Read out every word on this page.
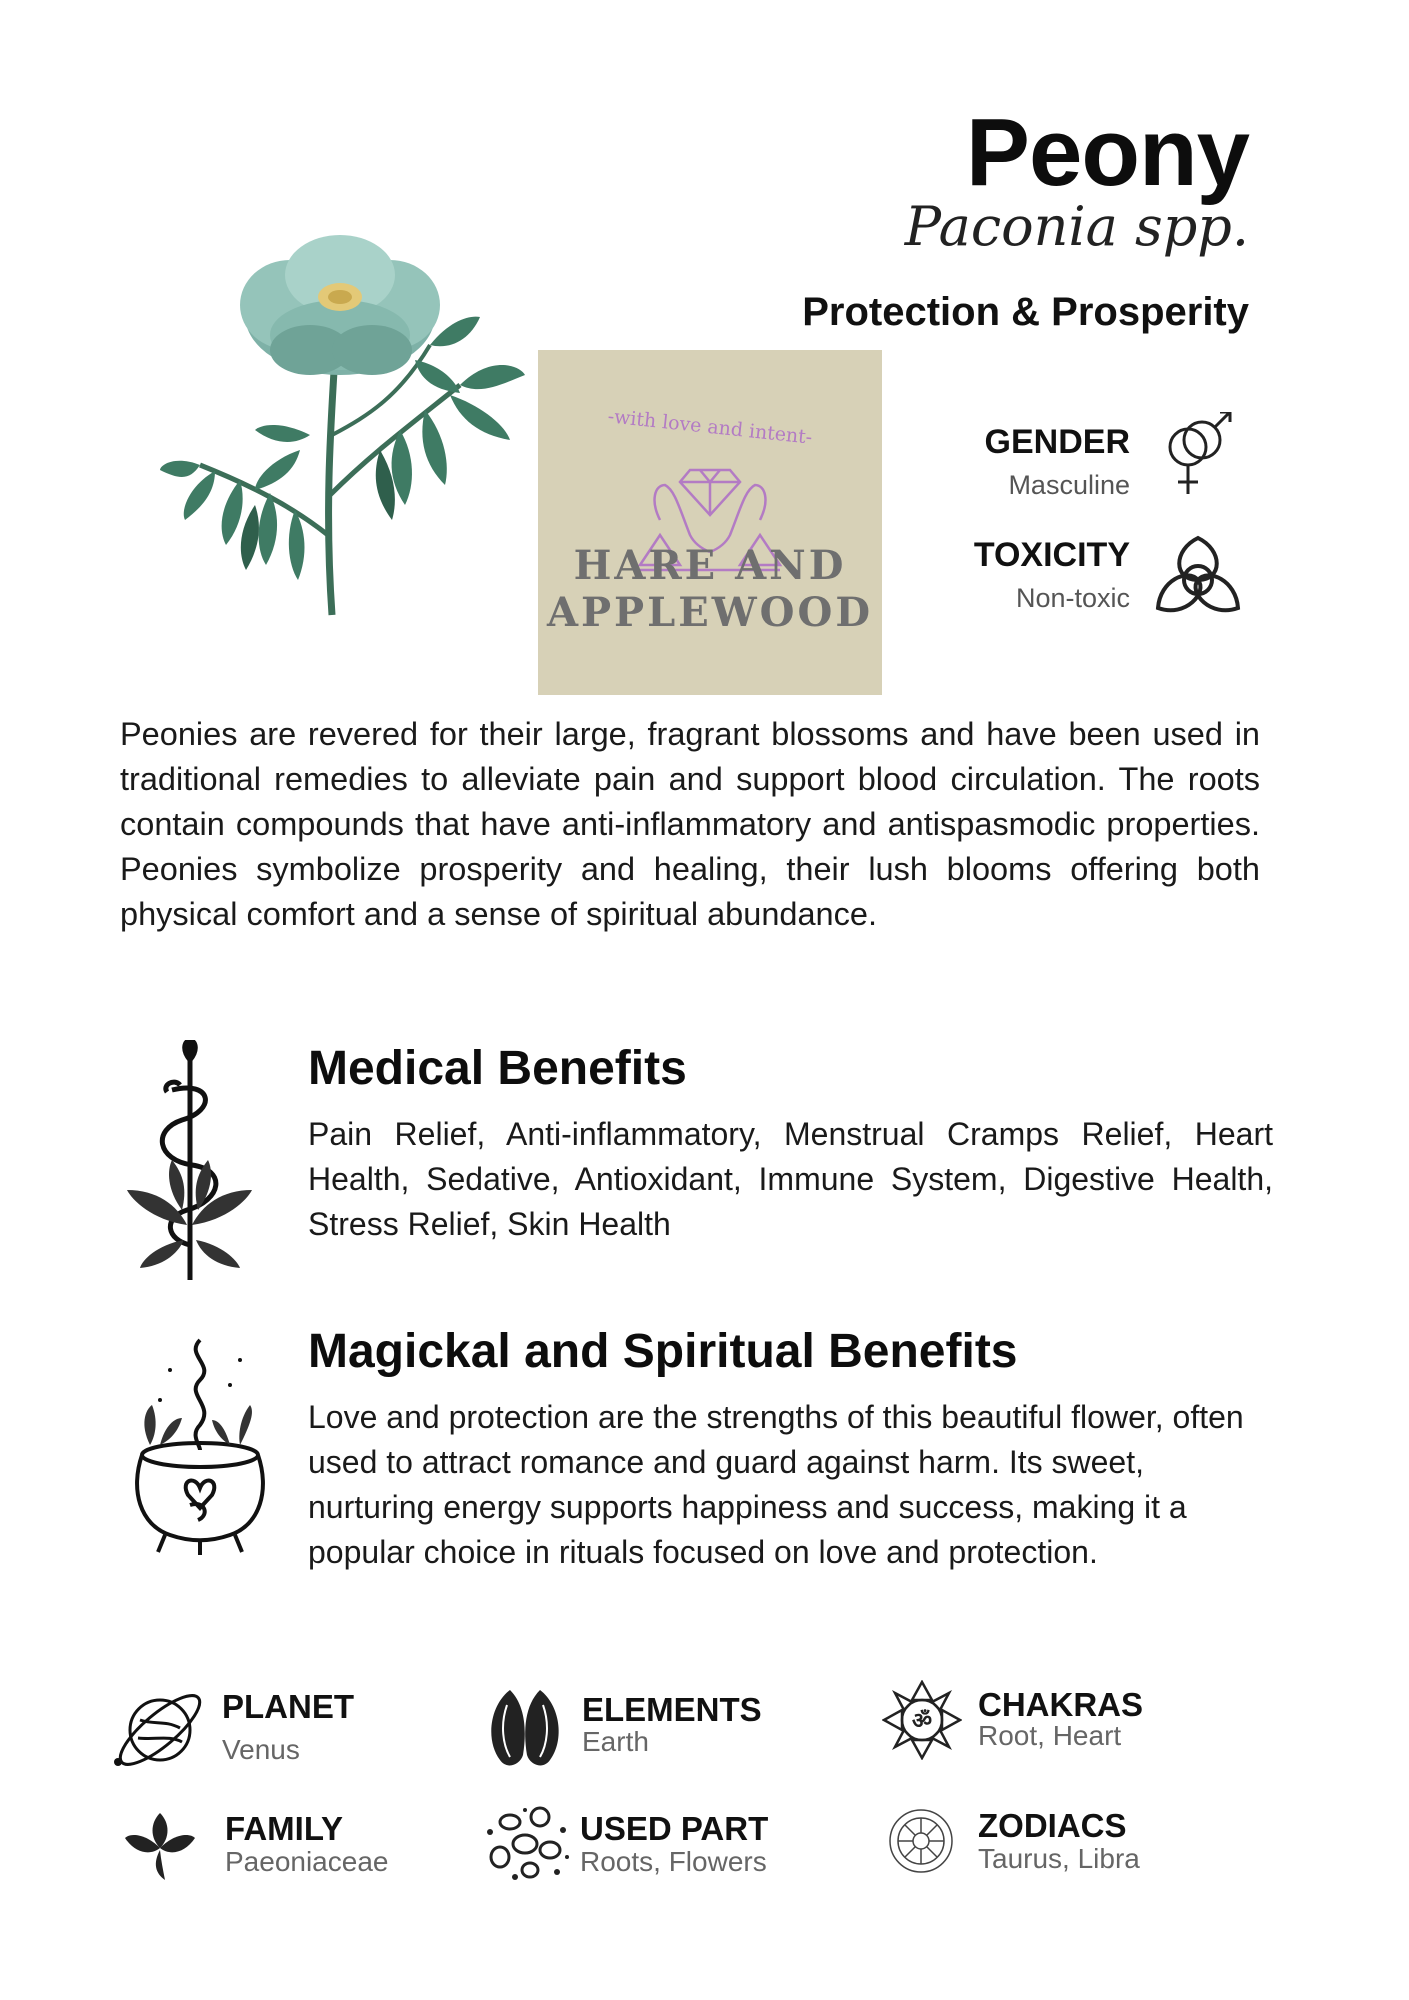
Peony
Paconia spp.
Protection & Prosperity
-with love and intent-
HARE AND
APPLEWOOD
GENDER
Masculine
TOXICITY
Non-toxic
Peonies are revered for their large, fragrant blossoms and have been used in traditional remedies to alleviate pain and support blood circulation. The roots contain compounds that have anti-inflammatory and antispasmodic properties. Peonies symbolize prosperity and healing, their lush blooms offering both physical comfort and a sense of spiritual abundance.
Medical Benefits
Pain Relief, Anti-inflammatory, Menstrual Cramps Relief, Heart Health, Sedative, Antioxidant, Immune System, Digestive Health, Stress Relief, Skin Health
Magickal and Spiritual Benefits
Love and protection are the strengths of this beautiful flower, often used to attract romance and guard against harm. Its sweet, nurturing energy supports happiness and success, making it a popular choice in rituals focused on love and protection.
PLANET
Venus
ELEMENTS
Earth
ॐ CHAKRAS
Root, Heart
FAMILY
Paeoniaceae
USED PART
Roots, Flowers
ZODIACS
Taurus, Libra
